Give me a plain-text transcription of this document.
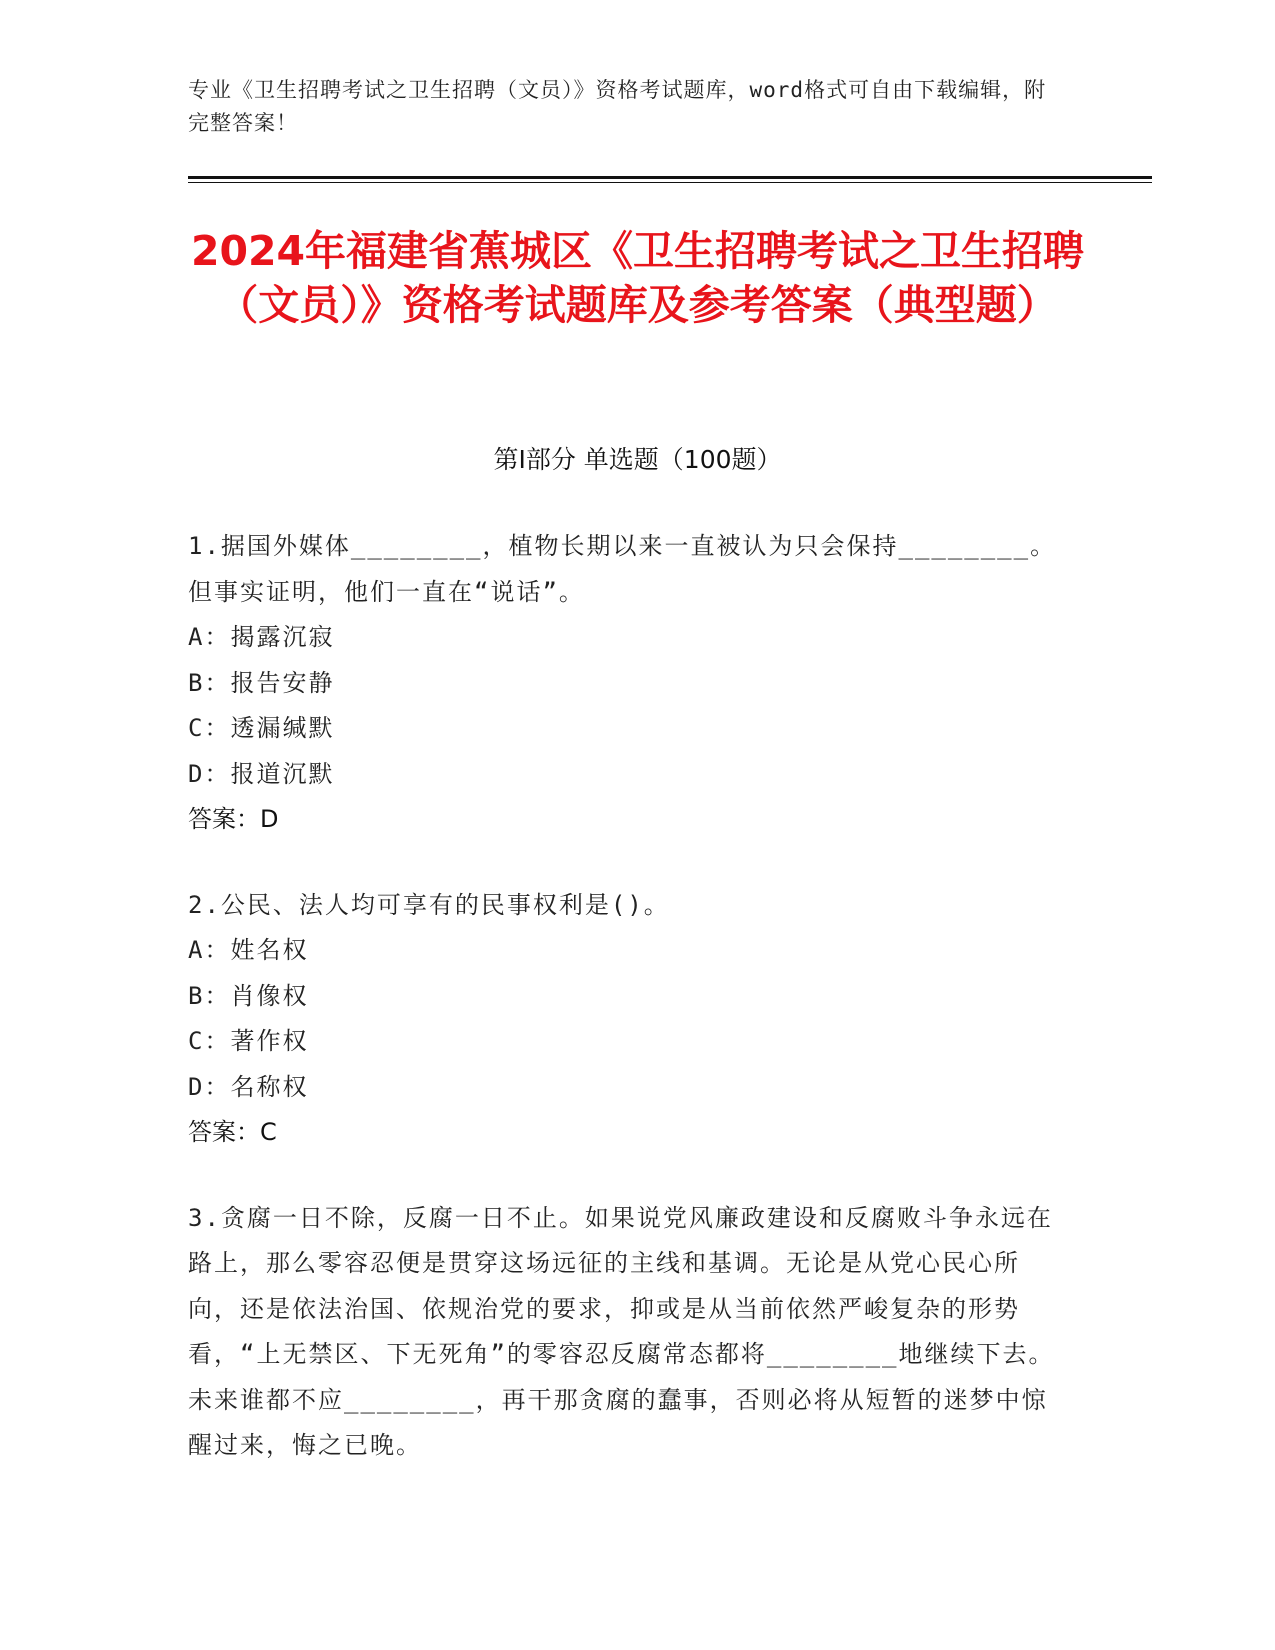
专业《卫生招聘考试之卫生招聘（文员）》资格考试题库，word格式可自由下载编辑，附完整答案！
2024年福建省蕉城区《卫生招聘考试之卫生招聘（文员）》资格考试题库及参考答案（典型题）
第Ⅰ部分 单选题（100题）
1.据国外媒体________，植物长期以来一直被认为只会保持________。但事实证明，他们一直在“说话”。
A：揭露沉寂
B：报告安静
C：透漏缄默
D：报道沉默
答案：D
2.公民、法人均可享有的民事权利是()。
A：姓名权
B：肖像权
C：著作权
D：名称权
答案：C
3.贪腐一日不除，反腐一日不止。如果说党风廉政建设和反腐败斗争永远在路上，那么零容忍便是贯穿这场远征的主线和基调。无论是从党心民心所向，还是依法治国、依规治党的要求，抑或是从当前依然严峻复杂的形势看，“上无禁区、下无死角”的零容忍反腐常态都将________地继续下去。未来谁都不应________，再干那贪腐的蠢事，否则必将从短暂的迷梦中惊醒过来，悔之已晚。
